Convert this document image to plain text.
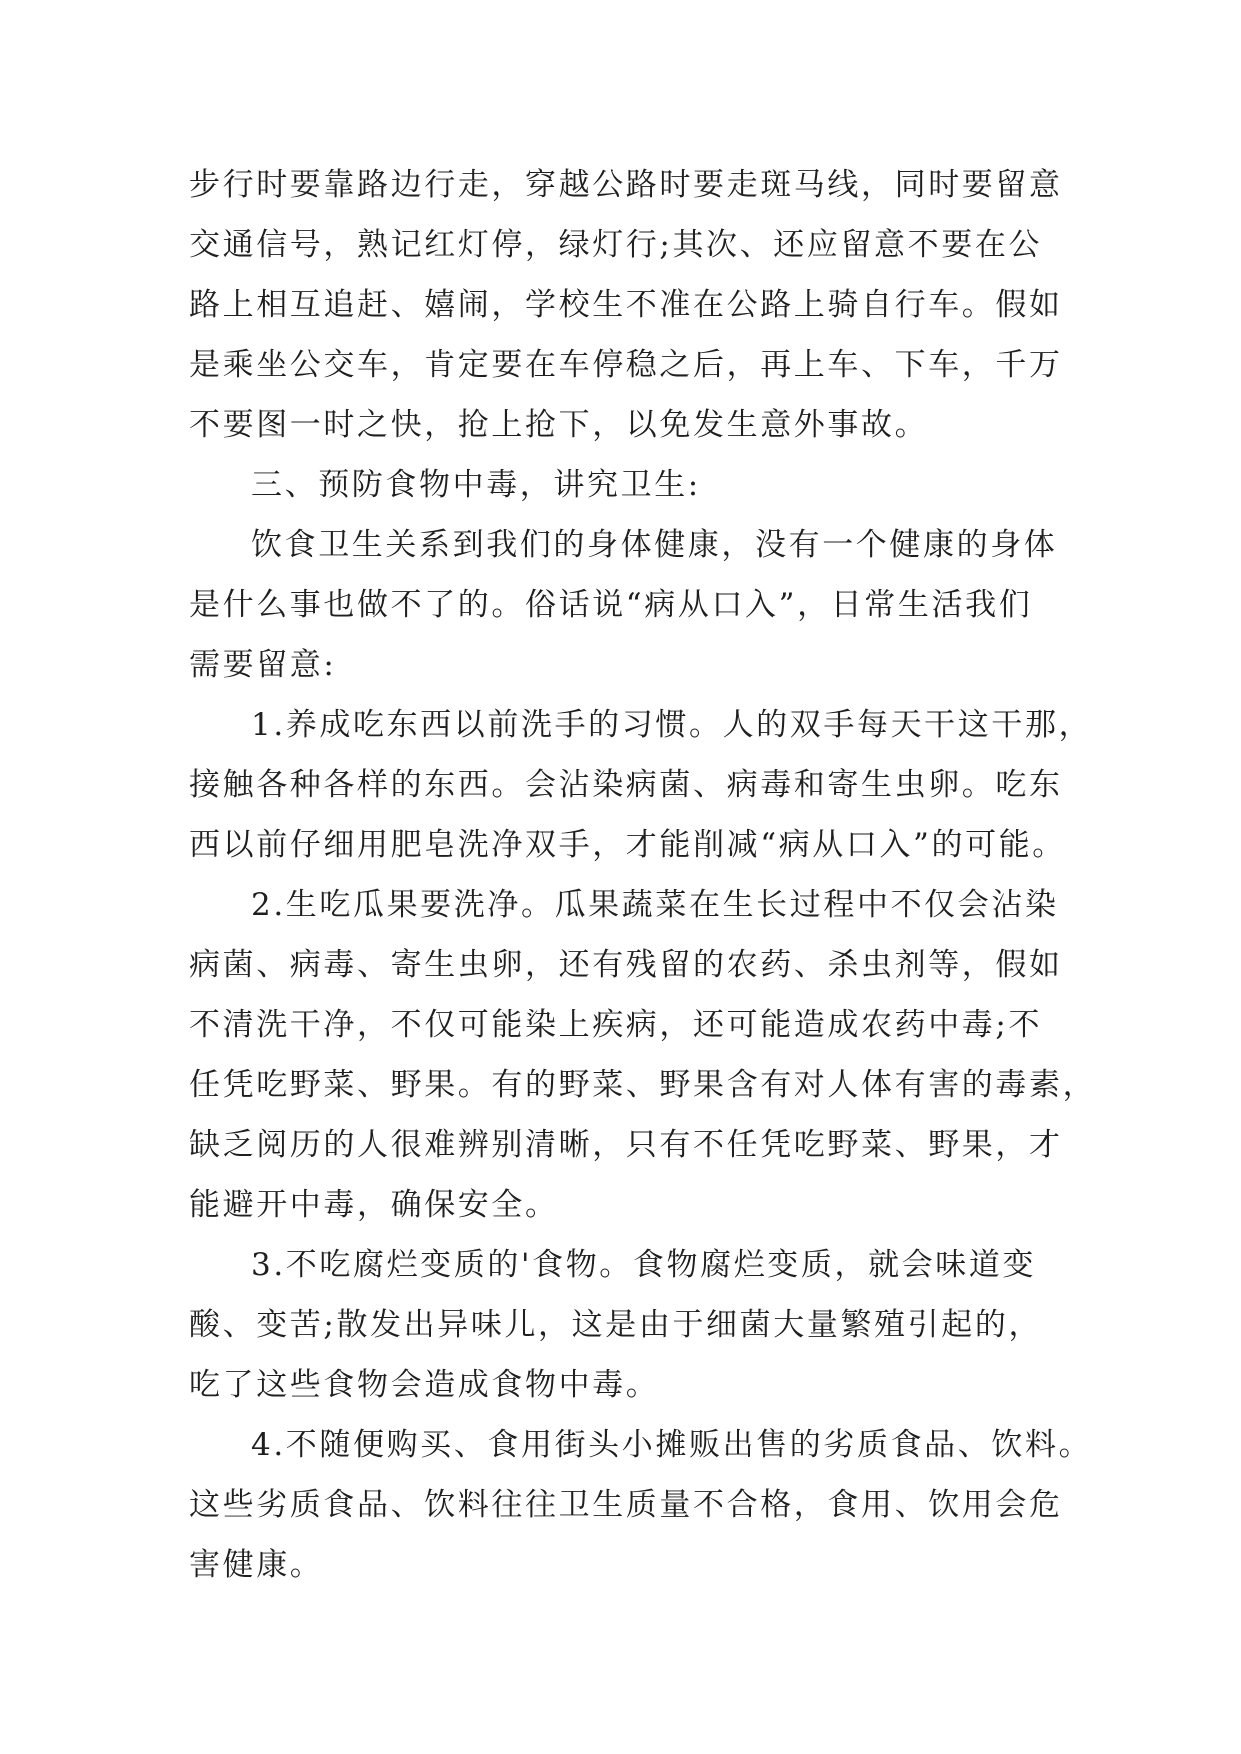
步行时要靠路边行走，穿越公路时要走斑马线，同时要留意
交通信号，熟记红灯停，绿灯行;其次、还应留意不要在公
路上相互追赶、嬉闹，学校生不准在公路上骑自行车。假如
是乘坐公交车，肯定要在车停稳之后，再上车、下车，千万
不要图一时之快，抢上抢下，以免发生意外事故。

三、预防食物中毒，讲究卫生:

饮食卫生关系到我们的身体健康，没有一个健康的身体
是什么事也做不了的。俗话说“病从口入”，日常生活我们
需要留意:

1.养成吃东西以前洗手的习惯。人的双手每天干这干那，
接触各种各样的东西。会沾染病菌、病毒和寄生虫卵。吃东
西以前仔细用肥皂洗净双手，才能削减“病从口入”的可能。

2.生吃瓜果要洗净。瓜果蔬菜在生长过程中不仅会沾染
病菌、病毒、寄生虫卵，还有残留的农药、杀虫剂等，假如
不清洗干净，不仅可能染上疾病，还可能造成农药中毒;不
任凭吃野菜、野果。有的野菜、野果含有对人体有害的毒素，
缺乏阅历的人很难辨别清晰，只有不任凭吃野菜、野果，才
能避开中毒，确保安全。

3.不吃腐烂变质的'食物。食物腐烂变质，就会味道变
酸、变苦;散发出异味儿，这是由于细菌大量繁殖引起的，
吃了这些食物会造成食物中毒。

4.不随便购买、食用街头小摊贩出售的劣质食品、饮料。
这些劣质食品、饮料往往卫生质量不合格，食用、饮用会危
害健康。
